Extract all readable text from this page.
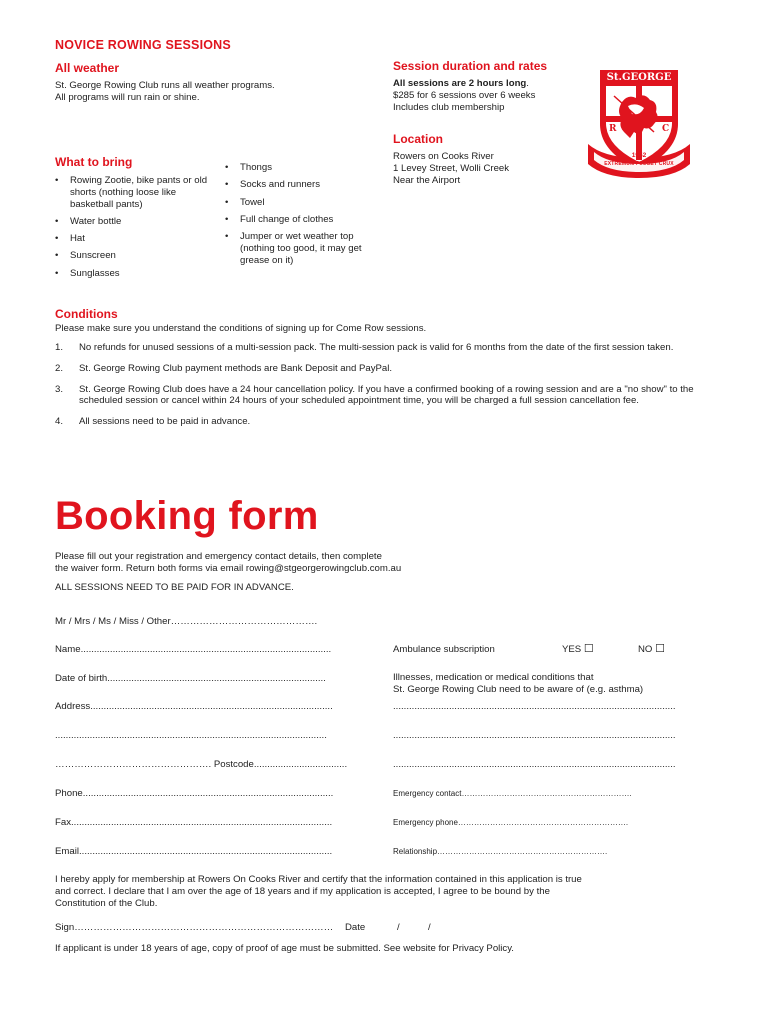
NOVICE ROWING SESSIONS
All weather
St. George Rowing Club runs all weather programs.
All programs will run rain or shine.
Session duration and rates
All sessions are 2 hours long.
$285 for 6 sessions over 6 weeks
Includes club membership
Location
Rowers on Cooks River
1 Levey Street, Wolli Creek
Near the Airport
St.GEORGE
R	C
1952
EXTREMUM FULGET CRUX
What to bring
• Rowing Zootie, bike pants or old shorts (nothing loose like basketball pants)
• Water bottle
• Hat
• Sunscreen
• Sunglasses
• Thongs
• Socks and runners
• Towel
• Full change of clothes
• Jumper or wet weather top (nothing too good, it may get grease on it)
Conditions
Please make sure you understand the conditions of signing up for Come Row sessions.
1. No refunds for unused sessions of a multi-session pack. The multi-session pack is valid for 6 months from the date of the first session taken.
2. St. George Rowing Club payment methods are Bank Deposit and PayPal.
3. St. George Rowing Club does have a 24 hour cancellation policy. If you have a confirmed booking of a rowing session and are a "no show" to the scheduled session or cancel within 24 hours of your scheduled appointment time, you will be charged a full session cancellation fee.
4. All sessions need to be paid in advance.
Booking form
Please fill out your registration and emergency contact details, then complete
the waiver form. Return both forms via email rowing@stgeorgerowingclub.com.au
ALL SESSIONS NEED TO BE PAID FOR IN ADVANCE.
Mr / Mrs / Ms / Miss / Other……………………………………….
Name..............................................................................................
Date of birth..................................................................................
Address...........................................................................................
......................................................................................................
…………………………………………. Postcode...................................
Phone..............................................................................................
Fax..................................................................................................
Email...............................................................................................
Ambulance subscription	YES ☐	NO ☐
Illnesses, medication or medical conditions that
St. George Rowing Club need to be aware of (e.g. asthma)
..........................................................................................................
..........................................................................................................
..........................................................................................................
Emergency contact……………………………………………………….
Emergency phone……………………………………………………….
Relationship……………………………………………………….
I hereby apply for membership at Rowers On Cooks River and certify that the information contained in this application is true
and correct. I declare that I am over the age of 18 years and if my application is accepted, I agree to be bound by the
Constitution of the Club.
Sign……………………………………………………………………… Date	/	/
If applicant is under 18 years of age, copy of proof of age must be submitted. See website for Privacy Policy.
